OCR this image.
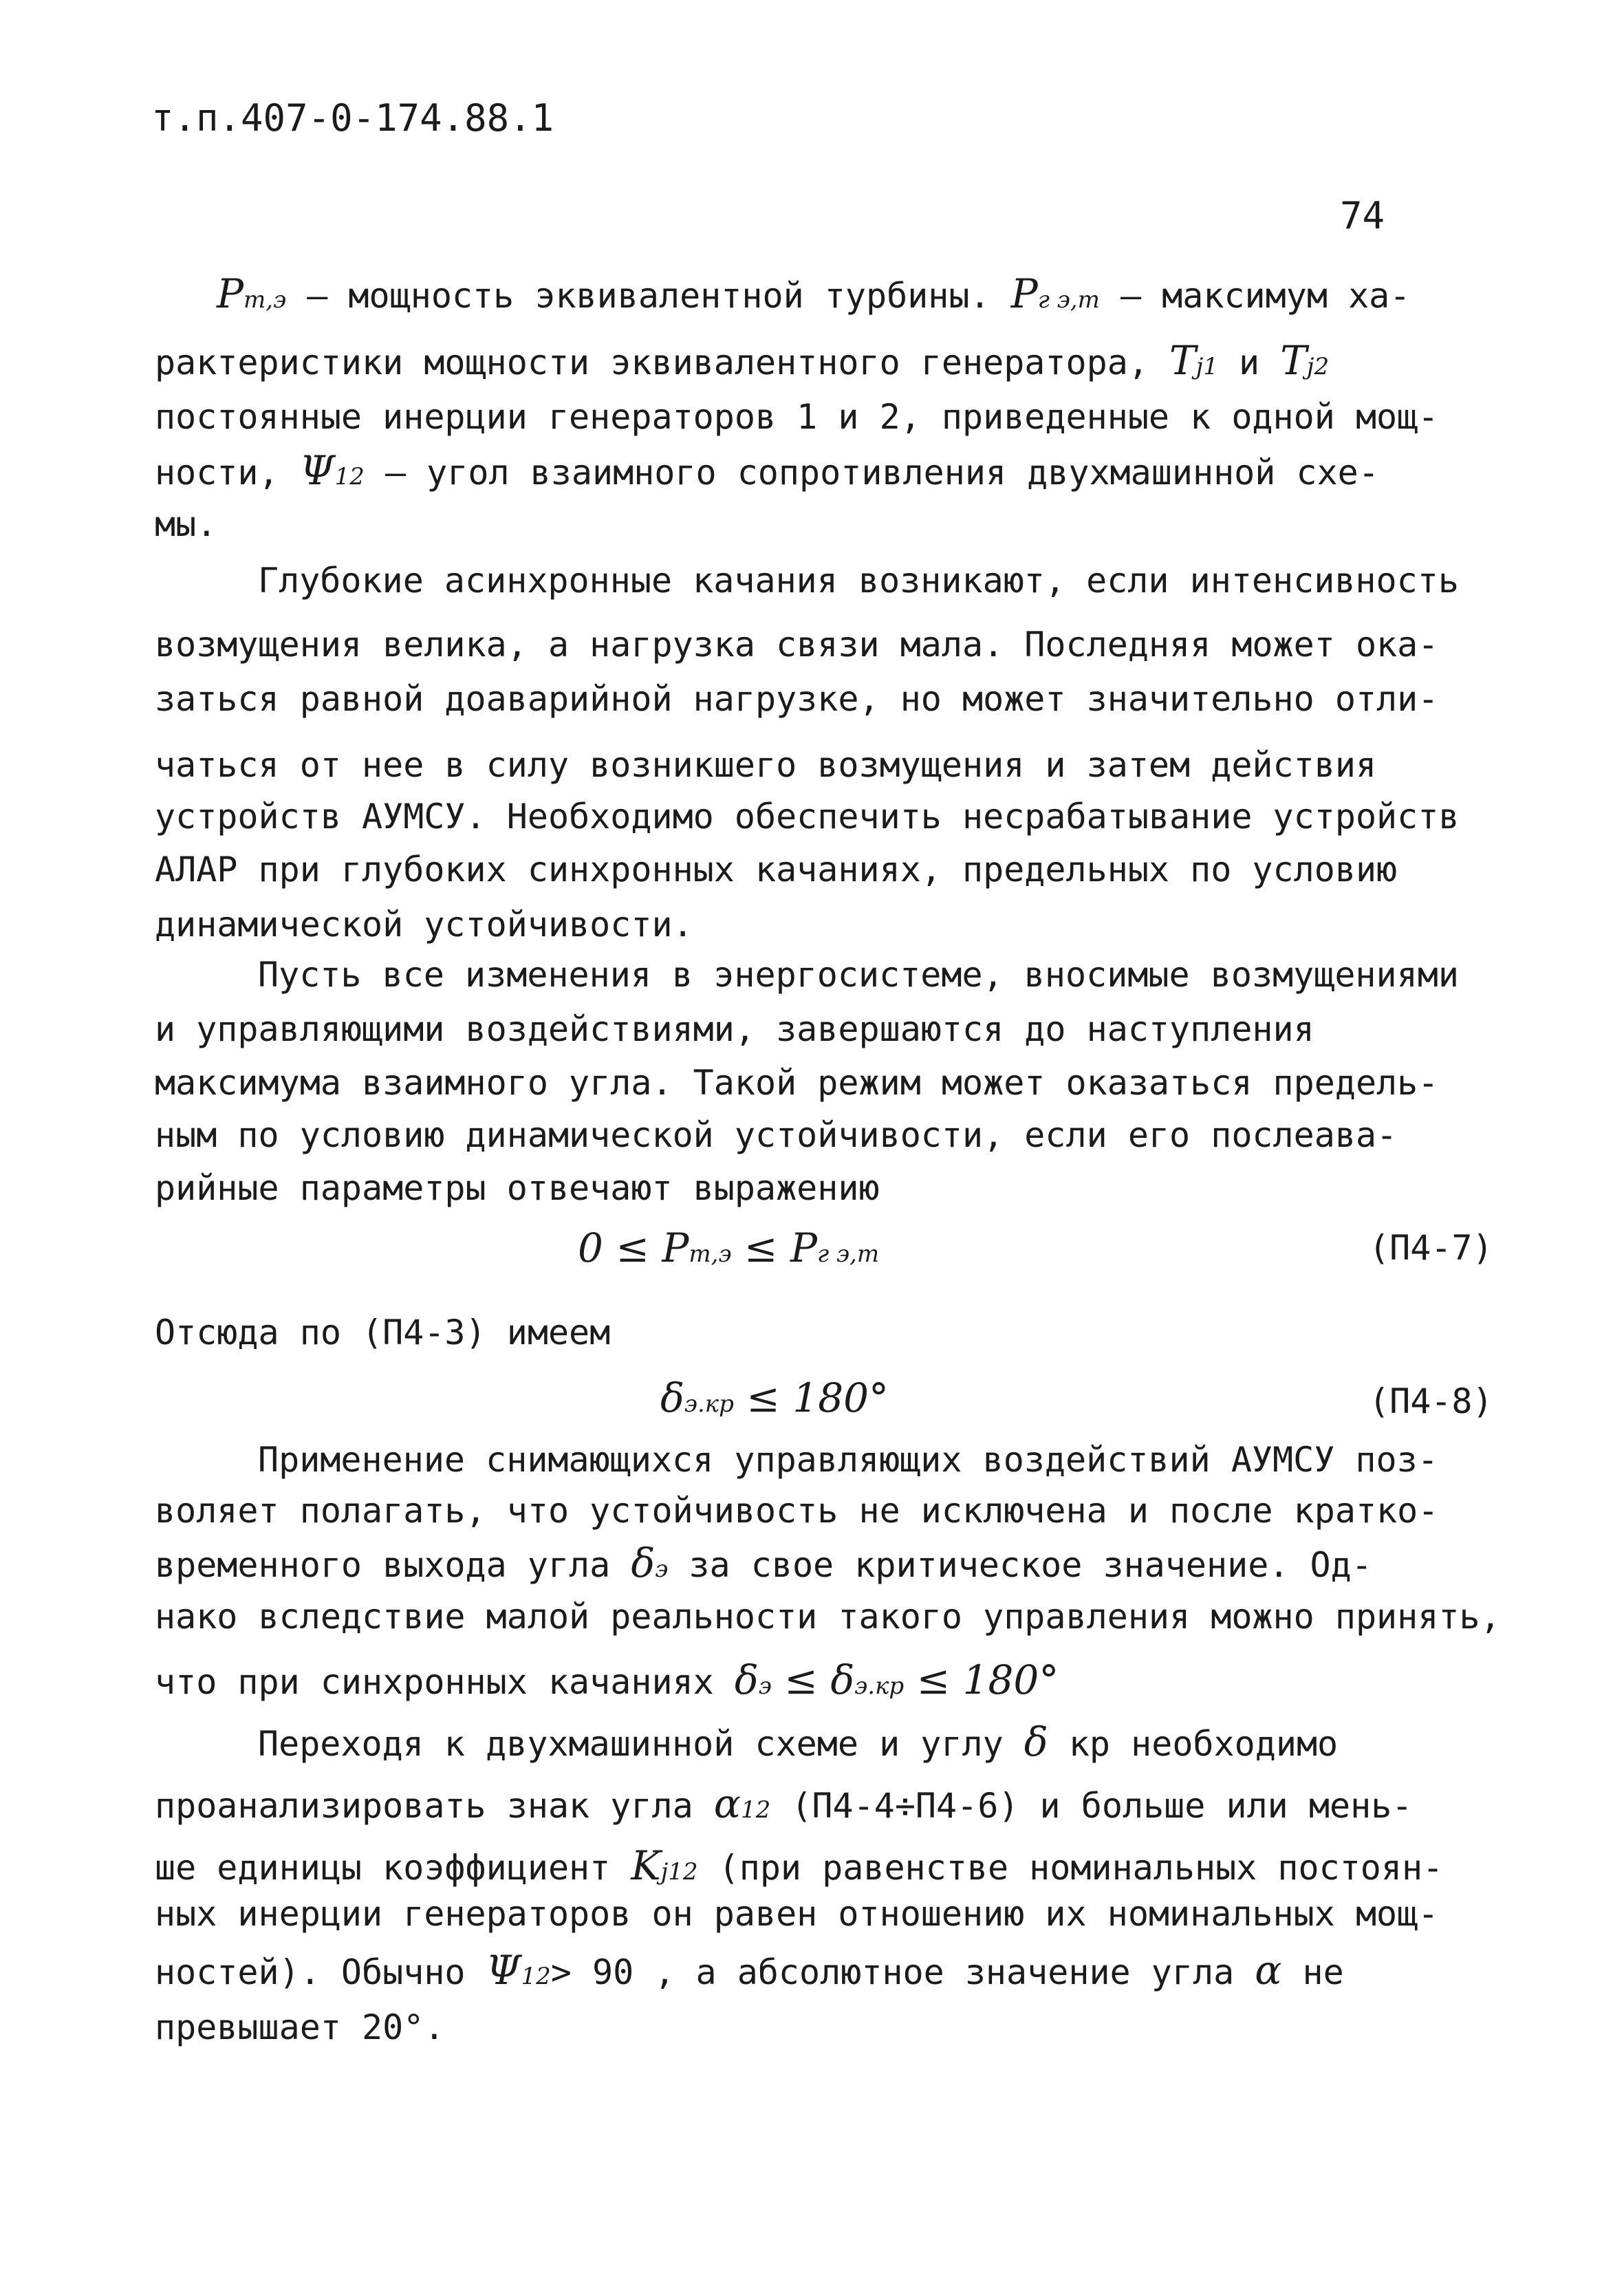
т.п.407-0-174.88.1
74
Pт,э – мощность эквивалентной турбины. Pг э,m – максимум ха-
рактеристики мощности эквивалентного генератора, Tj1 и Tj2
постоянные инерции генераторов 1 и 2, приведенные к одной мощ-
ности, Ψ12 – угол взаимного сопротивления двухмашинной схе-
мы.
Глубокие асинхронные качания возникают, если интенсивность
возмущения велика, а нагрузка связи мала. Последняя может ока-
заться равной доаварийной нагрузке, но может значительно отли-
чаться от нее в силу возникшего возмущения и затем действия
устройств АУМСУ. Необходимо обеспечить несрабатывание устройств
АЛАР при глубоких синхронных качаниях, предельных по условию
динамической устойчивости.
Пусть все изменения в энергосистеме, вносимые возмущениями
и управляющими воздействиями, завершаются до наступления
максимума взаимного угла. Такой режим может оказаться предель-
ным по условию динамической устойчивости, если его послеава-
рийные параметры отвечают выражению
0 ≤ Pт,э ≤ Pг э,m	(П4-7)
Отсюда по (П4-3) имеем
δэ.кр ≤ 180°	(П4-8)
Применение снимающихся управляющих воздействий АУМСУ поз-
воляет полагать, что устойчивость не исключена и после кратко-
временного выхода угла δэ за свое критическое значение. Од-
нако вследствие малой реальности такого управления можно принять,
что при синхронных качаниях δэ ≤ δэ.кр ≤ 180°
Переходя к двухмашинной схеме и углу δ кр необходимо
проанализировать знак угла α12 (П4-4÷П4-6) и больше или мень-
ше единицы коэффициент Kj12 (при равенстве номинальных постоян-
ных инерции генераторов он равен отношению их номинальных мощ-
ностей). Обычно Ψ12> 90 , а абсолютное значение угла α не
превышает 20°.
